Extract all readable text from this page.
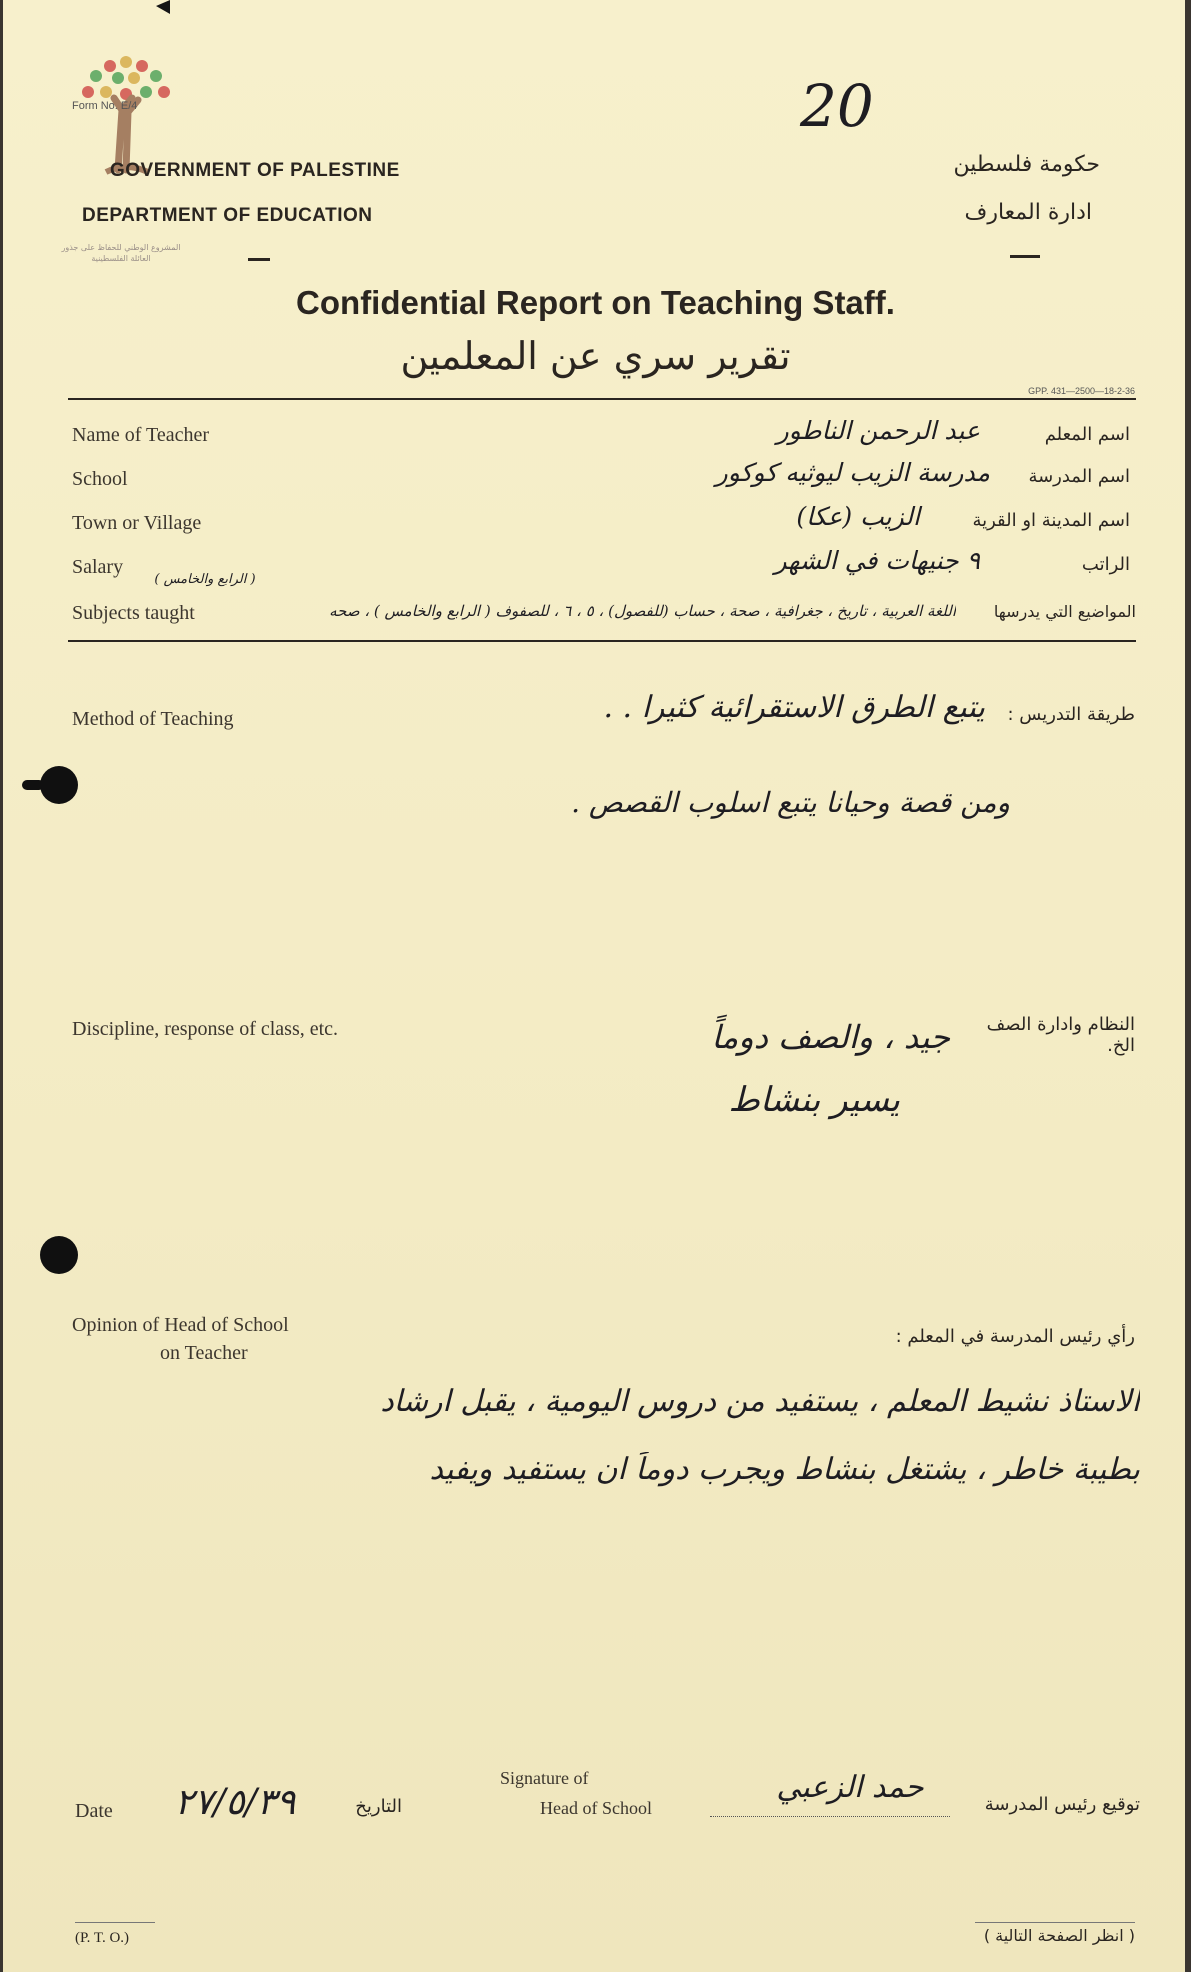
Form No. E/4
المشروع الوطني للحفاظ على جذور العائلة الفلسطينية
20
GOVERNMENT OF PALESTINE
DEPARTMENT OF EDUCATION
حكومة فلسطين
ادارة المعارف
Confidential Report on Teaching Staff.
تقرير سري عن المعلمين
GPP. 431—2500—18-2-36
Name of Teacher	اسم المعلم
عبد الرحمن الناطور
School	اسم المدرسة
مدرسة الزيب ليوثيه كوكور
Town or Village	اسم المدينة او القرية
الزيب (عكا)
Salary	الراتب
٩ جنيهات في الشهر
( الرابع والخامس )
Subjects taught	المواضيع التي يدرسها
اللغة العربية ، تاريخ ، جغرافية ، صحة ، حساب (للفصول) ، ٥ ، ٦ ، للصفوف ( الرابع والخامس ) ، صحه
Method of Teaching	طريقة التدريس :
يتبع الطرق الاستقرائية كثيرا . .
ومن قصة وحيانا يتبع اسلوب القصص .
Discipline, response of class, etc.	النظام وادارة الصف الخ.
جيد ، والصف دوماً
يسير بنشاط
Opinion of Head of School
on Teacher
رأي رئيس المدرسة في المعلم :
الاستاذ نشيط المعلم ، يستفيد من دروس اليومية ، يقبل ارشاد
بطيبة خاطر ، يشتغل بنشاط ويجرب دوماً ان يستفيد ويفيد
Date	٢٧/٥/٣٩	التاريخ
Signature of
Head of School
حمد الزعبي	توقيع رئيس المدرسة
(P. T. O.)	( انظر الصفحة التالية )
